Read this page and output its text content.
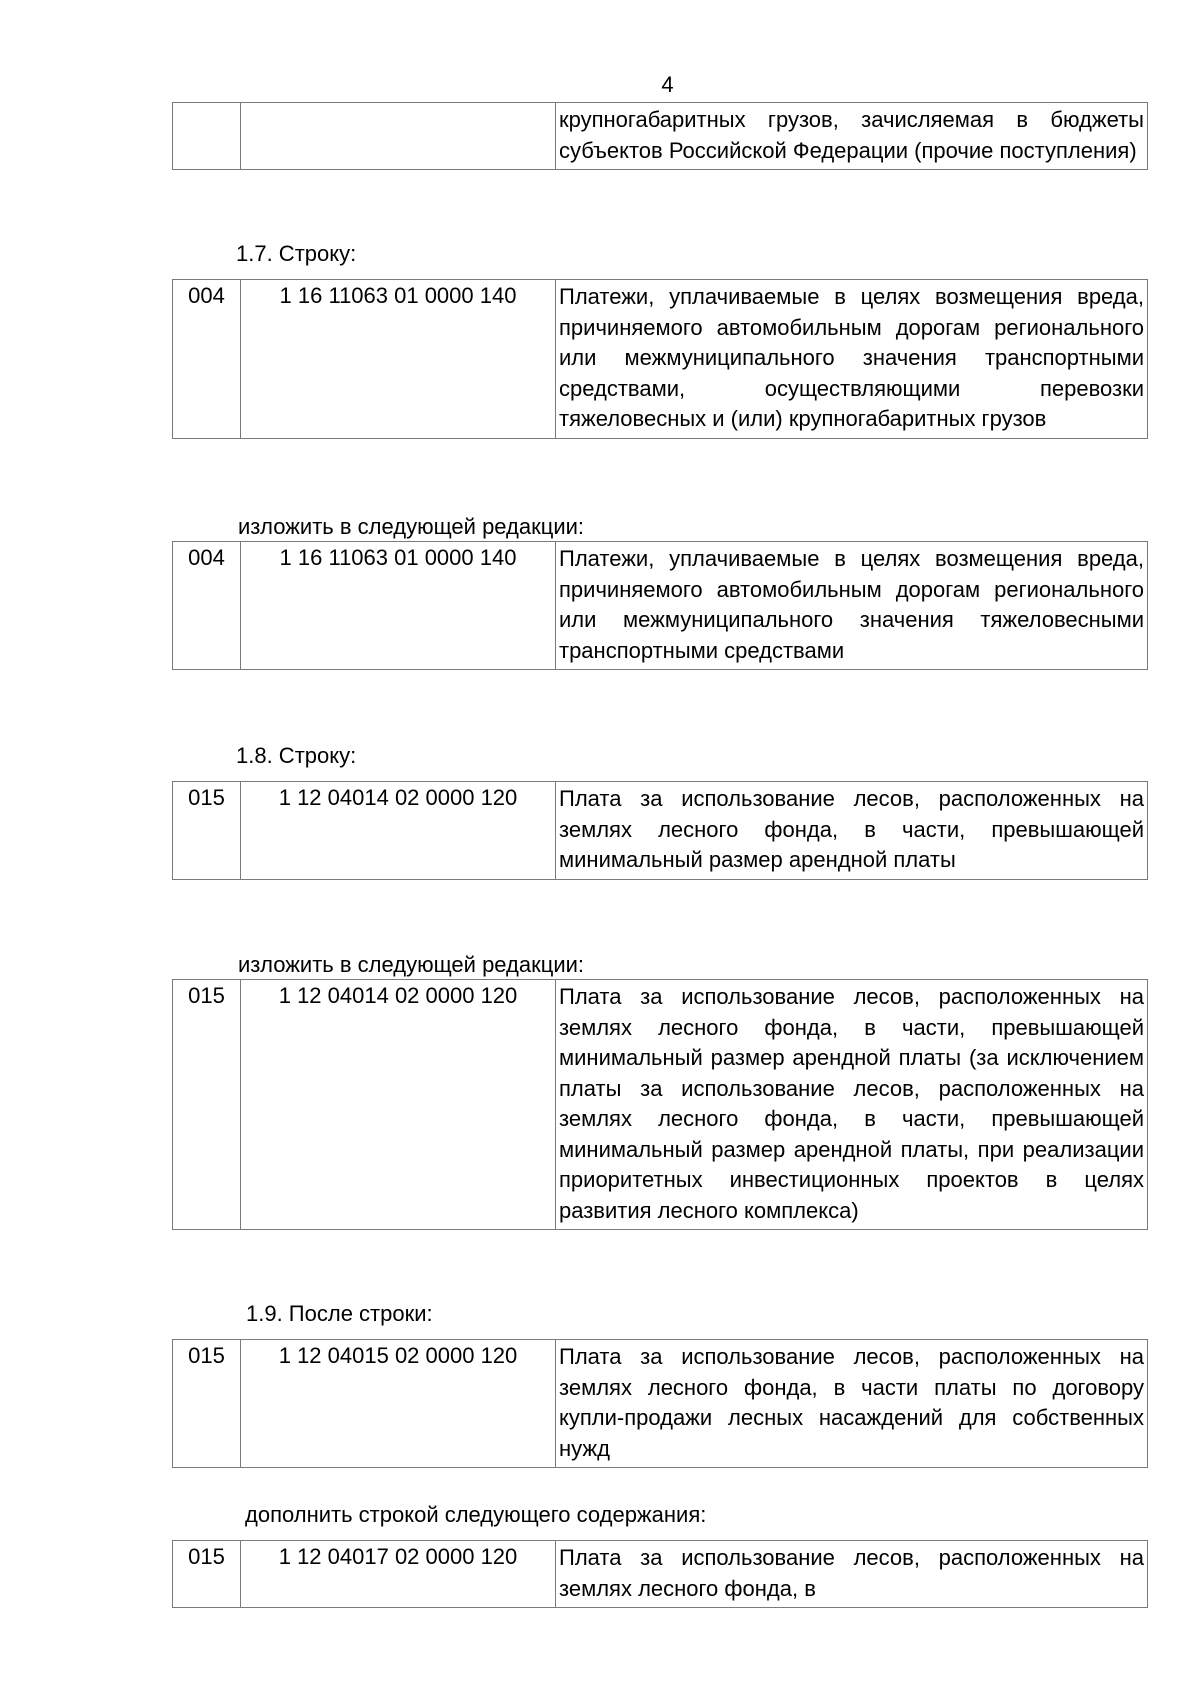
4
		крупногабаритных грузов, зачисляемая в бюджеты субъектов Российской Федерации (прочие поступления)
1.7. Строку:
004	1 16 11063 01 0000 140	Платежи, уплачиваемые в целях возмещения вреда, причиняемого автомобильным дорогам регионального или межмуниципального значения транспортными средствами, осуществляющими перевозки тяжеловесных и (или) крупногабаритных грузов
изложить в следующей редакции:
004	1 16 11063 01 0000 140	Платежи, уплачиваемые в целях возмещения вреда, причиняемого автомобильным дорогам регионального или межмуниципального значения тяжеловесными транспортными средствами
1.8. Строку:
015	1 12 04014 02 0000 120	Плата за использование лесов, расположенных на землях лесного фонда, в части, превышающей минимальный размер арендной платы
изложить в следующей редакции:
015	1 12 04014 02 0000 120	Плата за использование лесов, расположенных на землях лесного фонда, в части, превышающей минимальный размер арендной платы (за исключением платы за использование лесов, расположенных на землях лесного фонда, в части, превышающей минимальный размер арендной платы, при реализации приоритетных инвестиционных проектов в целях развития лесного комплекса)
1.9. После строки:
015	1 12 04015 02 0000 120	Плата за использование лесов, расположенных на землях лесного фонда, в части платы по договору купли-продажи лесных насаждений для собственных нужд
дополнить строкой следующего содержания:
015	1 12 04017 02 0000 120	Плата за использование лесов, расположенных на землях лесного фонда, в
